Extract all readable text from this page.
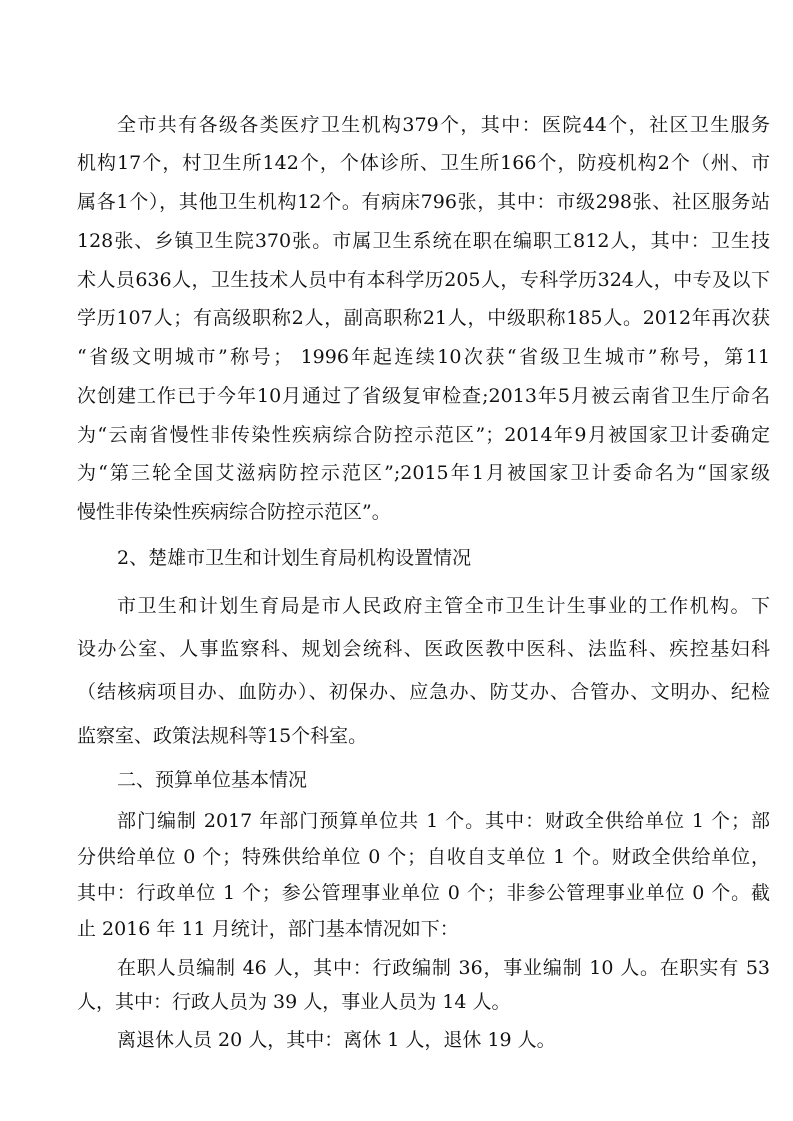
全市共有各级各类医疗卫生机构379个，其中：医院44个，社区卫生服务
机构17个，村卫生所142个，个体诊所、卫生所166个，防疫机构2个（州、市
属各1个），其他卫生机构12个。有病床796张，其中：市级298张、社区服务站
128张、乡镇卫生院370张。市属卫生系统在职在编职工812人，其中：卫生技
术人员636人，卫生技术人员中有本科学历205人，专科学历324人，中专及以下
学历107人；有高级职称2人，副高职称21人，中级职称185人。2012年再次获
“省级文明城市”称号； 1996年起连续10次获“省级卫生城市”称号，第11
次创建工作已于今年10月通过了省级复审检查;2013年5月被云南省卫生厅命名
为“云南省慢性非传染性疾病综合防控示范区”；2014年9月被国家卫计委确定
为“第三轮全国艾滋病防控示范区”;2015年1月被国家卫计委命名为“国家级
慢性非传染性疾病综合防控示范区”。
2、楚雄市卫生和计划生育局机构设置情况
市卫生和计划生育局是市人民政府主管全市卫生计生事业的工作机构。下
设办公室、人事监察科、规划会统科、医政医教中医科、法监科、疾控基妇科
（结核病项目办、血防办）、初保办、应急办、防艾办、合管办、文明办、纪检
监察室、政策法规科等15个科室。
二、预算单位基本情况
部门编制 2017 年部门预算单位共 1 个。其中：财政全供给单位 1 个；部
分供给单位 0 个；特殊供给单位 0 个；自收自支单位 1 个。财政全供给单位，
其中：行政单位 1 个；参公管理事业单位 0 个；非参公管理事业单位 0 个。截
止 2016 年 11 月统计，部门基本情况如下：
在职人员编制 46 人，其中：行政编制 36，事业编制 10 人。在职实有 53
人，其中：行政人员为 39 人，事业人员为 14 人。
离退休人员 20 人，其中：离休 1 人，退休 19 人。
